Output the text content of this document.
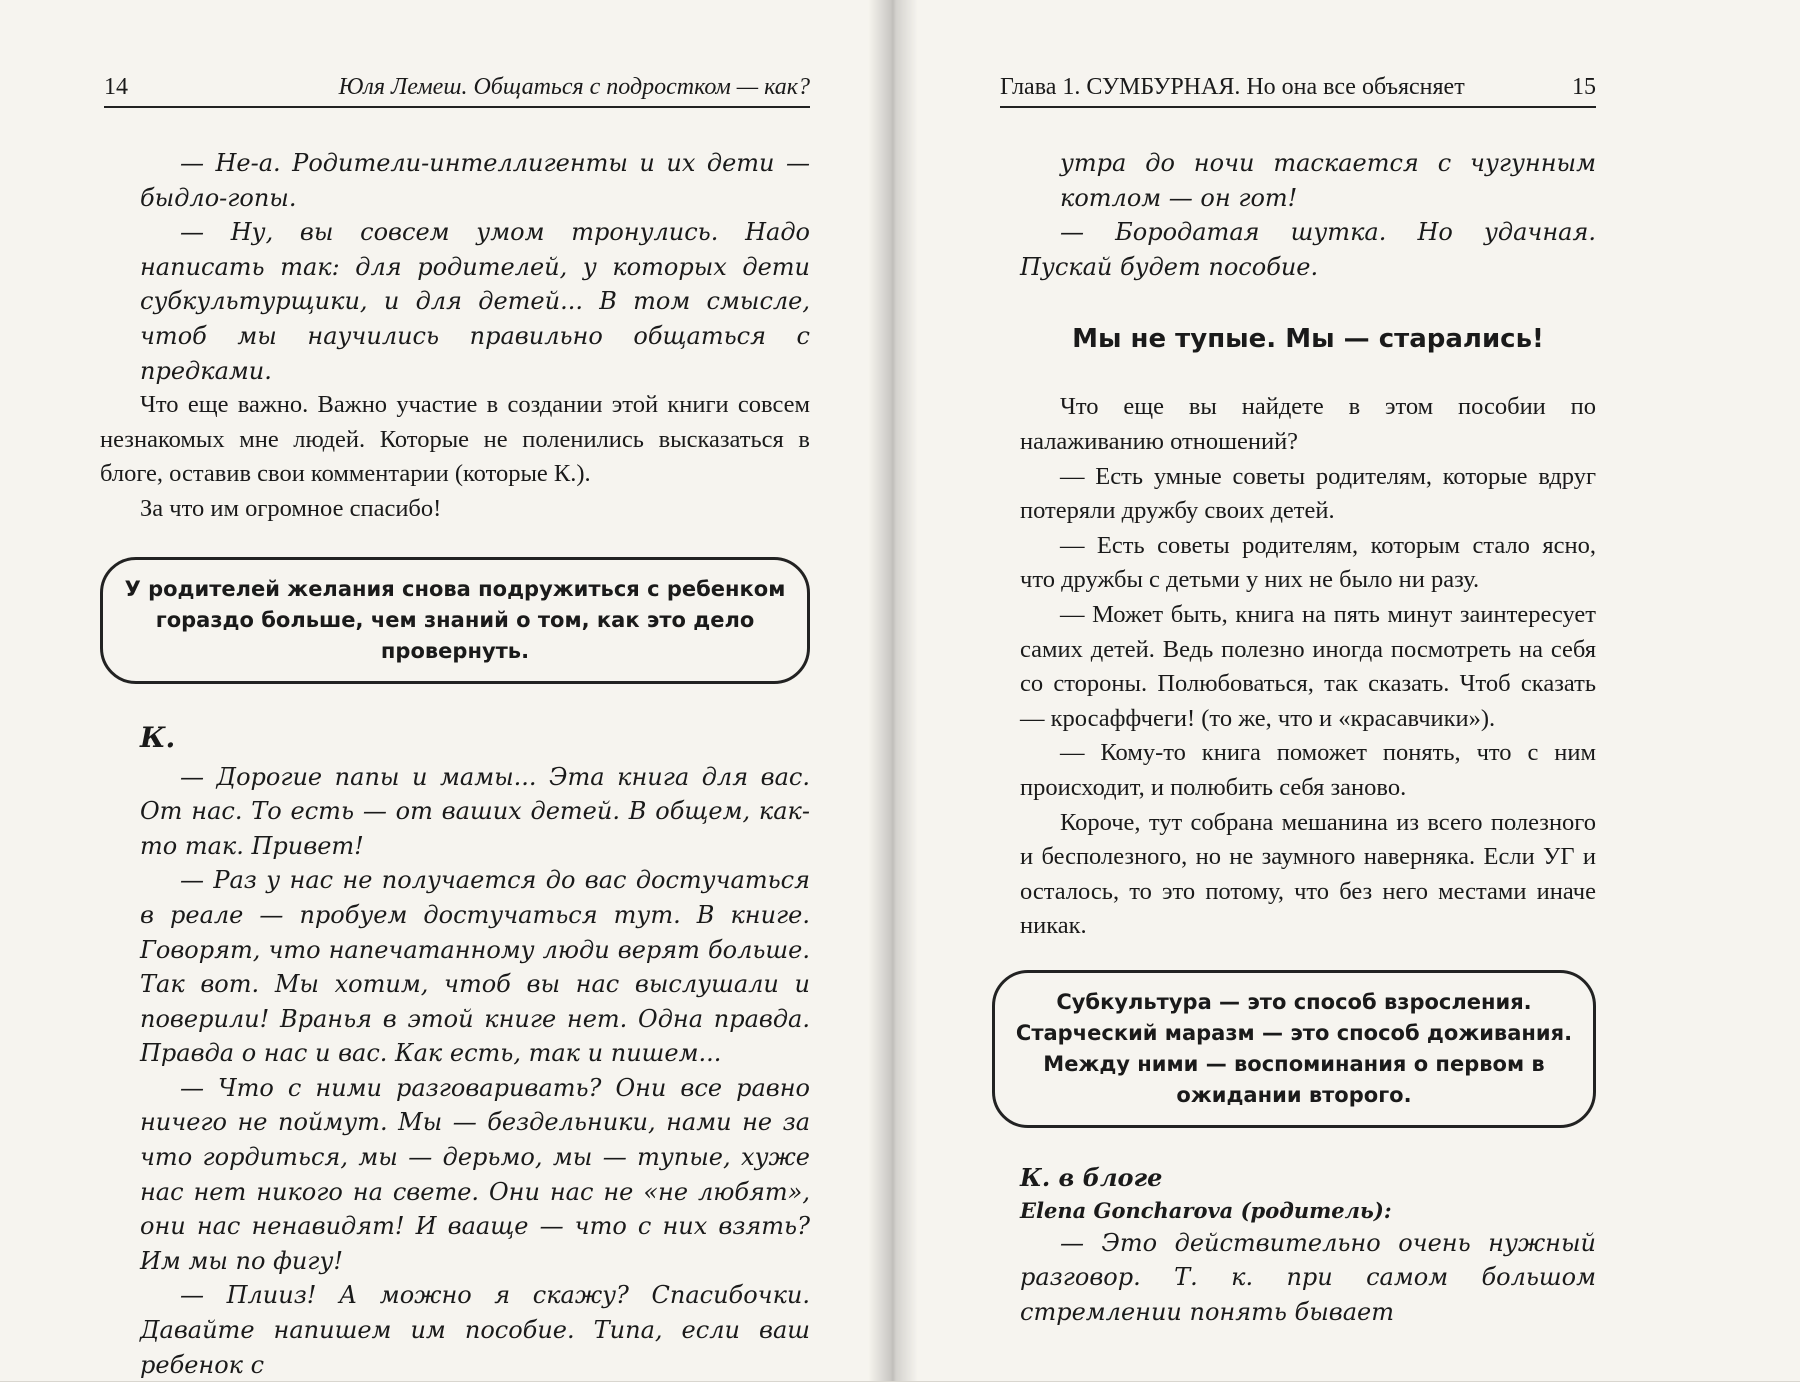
14	Юля Лемеш. Общаться с подростком — как?

— Не-а. Родители-интеллигенты и их дети — быдло-гопы.

— Ну, вы совсем умом тронулись. Надо написать так: для родителей, у которых дети субкультурщики, и для детей... В том смысле, чтоб мы научились правильно общаться с предками.

Что еще важно. Важно участие в создании этой книги совсем незнакомых мне людей. Которые не поленились высказаться в блоге, оставив свои комментарии (которые К.).

За что им огромное спасибо!

У родителей желания снова подружиться с ребенком гораздо больше, чем знаний о том, как это дело провернуть.
К.

— Дорогие папы и мамы... Эта книга для вас. От нас. То есть — от ваших детей. В общем, как-то так. Привет!

— Раз у нас не получается до вас достучаться в реале — пробуем достучаться тут. В книге. Говорят, что напечатанному люди верят больше. Так вот. Мы хотим, чтоб вы нас выслушали и поверили! Вранья в этой книге нет. Одна правда. Правда о нас и вас. Как есть, так и пишем...

— Что с ними разговаривать? Они все равно ничего не поймут. Мы — бездельники, нами не за что гордиться, мы — дерьмо, мы — тупые, хуже нас нет никого на свете. Они нас не «не любят», они нас ненавидят! И вааще — что с них взять? Им мы по фигу!

— Плииз! А можно я скажу? Спасибочки. Давайте напишем им пособие. Типа, если ваш ребенок с

Глава 1. СУМБУРНАЯ. Но она все объясняет	15

утра до ночи таскается с чугунным котлом — он гот!

— Бородатая шутка. Но удачная. Пускай будет пособие.

Мы не тупые. Мы — старались!

Что еще вы найдете в этом пособии по налаживанию отношений?

— Есть умные советы родителям, которые вдруг потеряли дружбу своих детей.

— Есть советы родителям, которым стало ясно, что дружбы с детьми у них не было ни разу.

— Может быть, книга на пять минут заинтересует самих детей. Ведь полезно иногда посмотреть на себя со стороны. Полюбоваться, так сказать. Чтоб сказать — кросаффчеги! (то же, что и «красавчики»).

— Кому-то книга поможет понять, что с ним происходит, и полюбить себя заново.

Короче, тут собрана мешанина из всего полезного и бесполезного, но не заумного наверняка. Если УГ и осталось, то это потому, что без него местами иначе никак.

Субкультура — это способ взросления.
Старческий маразм — это способ доживания.
Между ними — воспоминания о первом в ожидании второго.
К. в блоге
Elena Goncharova (родитель):

— Это действительно очень нужный разговор. Т. к. при самом большом стремлении понять бывает
